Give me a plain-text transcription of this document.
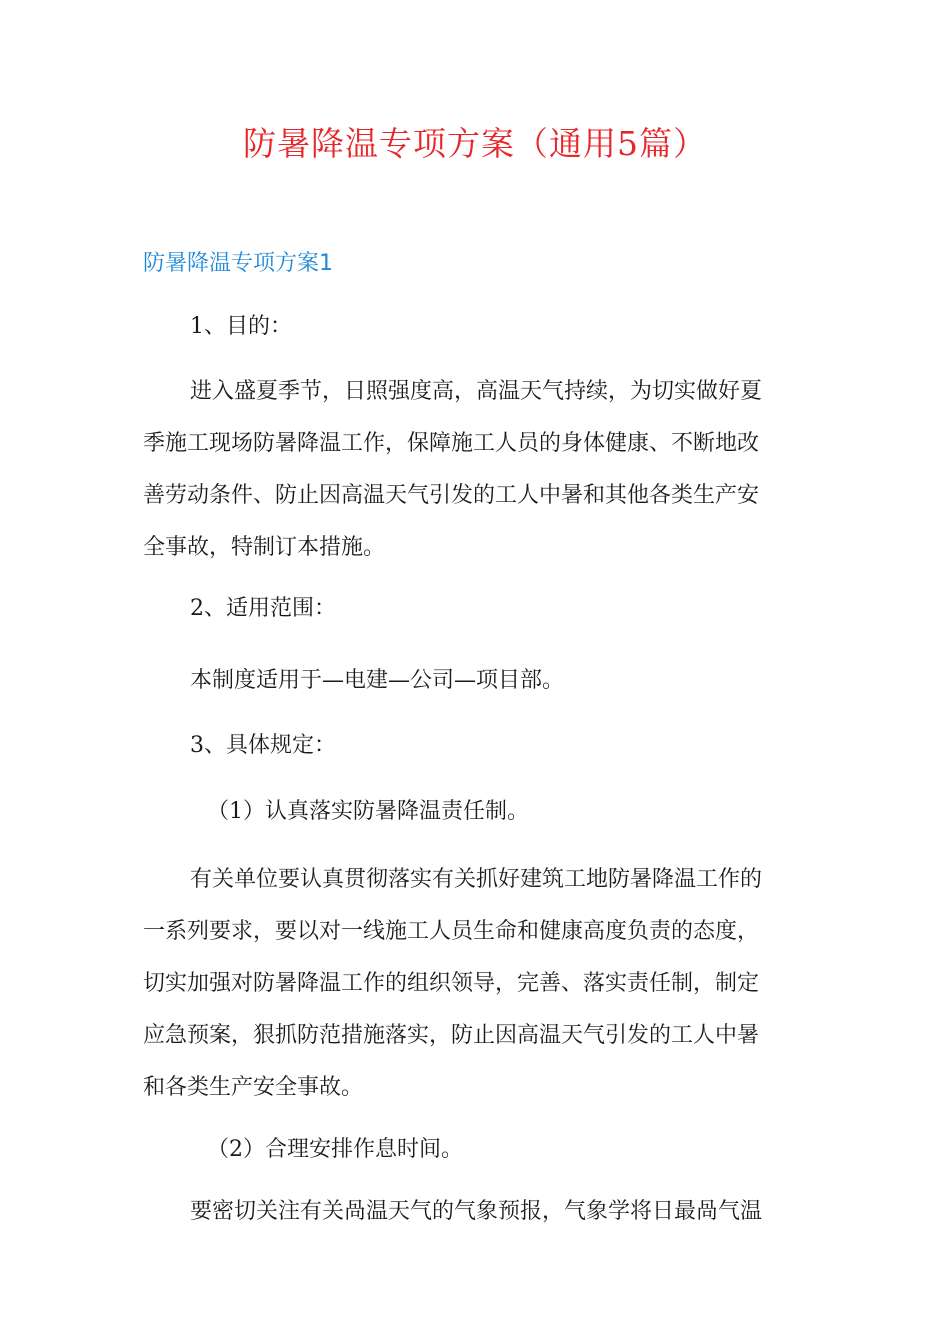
防暑降温专项方案（通用5篇）
防暑降温专项方案1
1、目的：
进入盛夏季节，日照强度高，高温天气持续，为切实做好夏
季施工现场防暑降温工作，保障施工人员的身体健康、不断地改
善劳动条件、防止因高温天气引发的工人中暑和其他各类生产安
全事故，特制订本措施。
2、适用范围：
本制度适用于—电建—公司—项目部。
3、具体规定：
（1）认真落实防暑降温责任制。
有关单位要认真贯彻落实有关抓好建筑工地防暑降温工作的
一系列要求，要以对一线施工人员生命和健康高度负责的态度，
切实加强对防暑降温工作的组织领导，完善、落实责任制，制定
应急预案，狠抓防范措施落实，防止因高温天气引发的工人中暑
和各类生产安全事故。
（2）合理安排作息时间。
要密切关注有关咼温天气的气象预报，气象学将日最咼气温
